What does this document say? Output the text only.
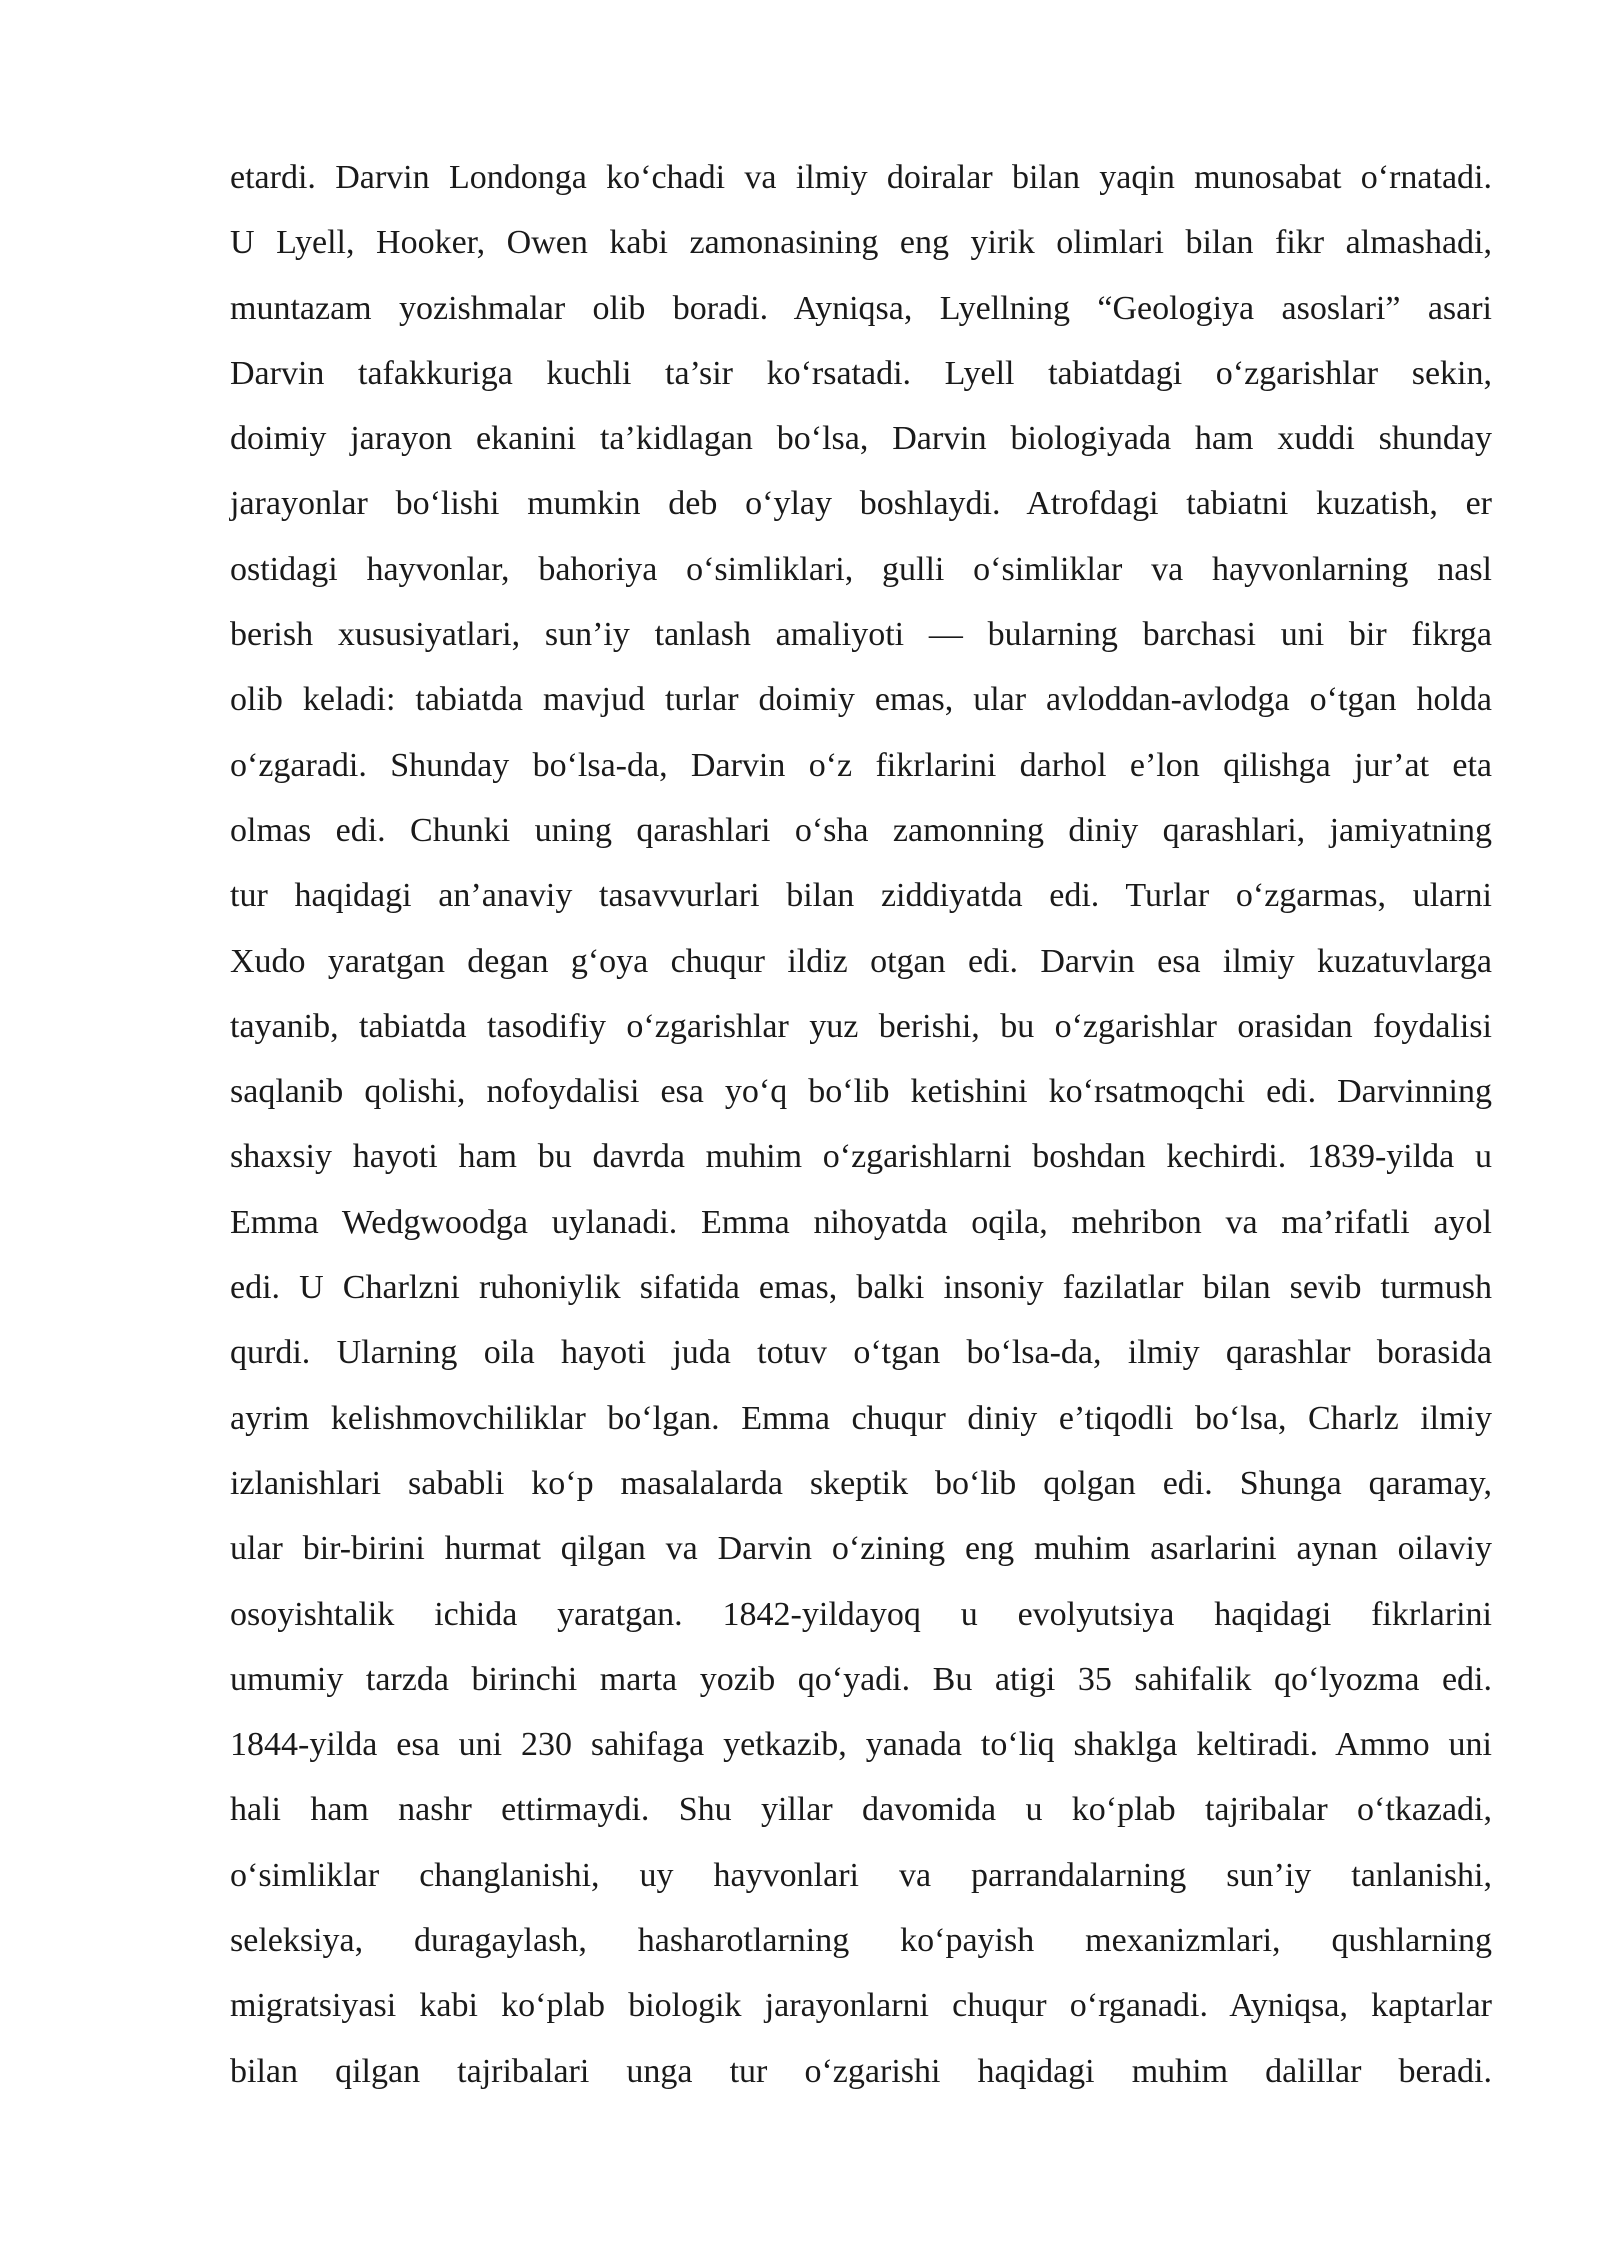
etardi. Darvin Londonga ko‘chadi va ilmiy doiralar bilan yaqin munosabat o‘rnatadi.
U Lyell, Hooker, Owen kabi zamonasining eng yirik olimlari bilan fikr almashadi,
muntazam yozishmalar olib boradi. Ayniqsa, Lyellning “Geologiya asoslari” asari
Darvin tafakkuriga kuchli ta’sir ko‘rsatadi. Lyell tabiatdagi o‘zgarishlar sekin,
doimiy jarayon ekanini ta’kidlagan bo‘lsa, Darvin biologiyada ham xuddi shunday
jarayonlar bo‘lishi mumkin deb o‘ylay boshlaydi. Atrofdagi tabiatni kuzatish, er
ostidagi hayvonlar, bahoriya o‘simliklari, gulli o‘simliklar va hayvonlarning nasl
berish xususiyatlari, sun’iy tanlash amaliyoti — bularning barchasi uni bir fikrga
olib keladi: tabiatda mavjud turlar doimiy emas, ular avloddan-avlodga o‘tgan holda
o‘zgaradi. Shunday bo‘lsa-da, Darvin o‘z fikrlarini darhol e’lon qilishga jur’at eta
olmas edi. Chunki uning qarashlari o‘sha zamonning diniy qarashlari, jamiyatning
tur haqidagi an’anaviy tasavvurlari bilan ziddiyatda edi. Turlar o‘zgarmas, ularni
Xudo yaratgan degan g‘oya chuqur ildiz otgan edi. Darvin esa ilmiy kuzatuvlarga
tayanib, tabiatda tasodifiy o‘zgarishlar yuz berishi, bu o‘zgarishlar orasidan foydalisi
saqlanib qolishi, nofoydalisi esa yo‘q bo‘lib ketishini ko‘rsatmoqchi edi. Darvinning
shaxsiy hayoti ham bu davrda muhim o‘zgarishlarni boshdan kechirdi. 1839-yilda u
Emma Wedgwoodga uylanadi. Emma nihoyatda oqila, mehribon va ma’rifatli ayol
edi. U Charlzni ruhoniylik sifatida emas, balki insoniy fazilatlar bilan sevib turmush
qurdi. Ularning oila hayoti juda totuv o‘tgan bo‘lsa-da, ilmiy qarashlar borasida
ayrim kelishmovchiliklar bo‘lgan. Emma chuqur diniy e’tiqodli bo‘lsa, Charlz ilmiy
izlanishlari sababli ko‘p masalalarda skeptik bo‘lib qolgan edi. Shunga qaramay,
ular bir-birini hurmat qilgan va Darvin o‘zining eng muhim asarlarini aynan oilaviy
osoyishtalik ichida yaratgan. 1842-yildayoq u evolyutsiya haqidagi fikrlarini
umumiy tarzda birinchi marta yozib qo‘yadi. Bu atigi 35 sahifalik qo‘lyozma edi.
1844-yilda esa uni 230 sahifaga yetkazib, yanada to‘liq shaklga keltiradi. Ammo uni
hali ham nashr ettirmaydi. Shu yillar davomida u ko‘plab tajribalar o‘tkazadi,
o‘simliklar changlanishi, uy hayvonlari va parrandalarning sun’iy tanlanishi,
seleksiya, duragaylash, hasharotlarning ko‘payish mexanizmlari, qushlarning
migratsiyasi kabi ko‘plab biologik jarayonlarni chuqur o‘rganadi. Ayniqsa, kaptarlar
bilan qilgan tajribalari unga tur o‘zgarishi haqidagi muhim dalillar beradi.
